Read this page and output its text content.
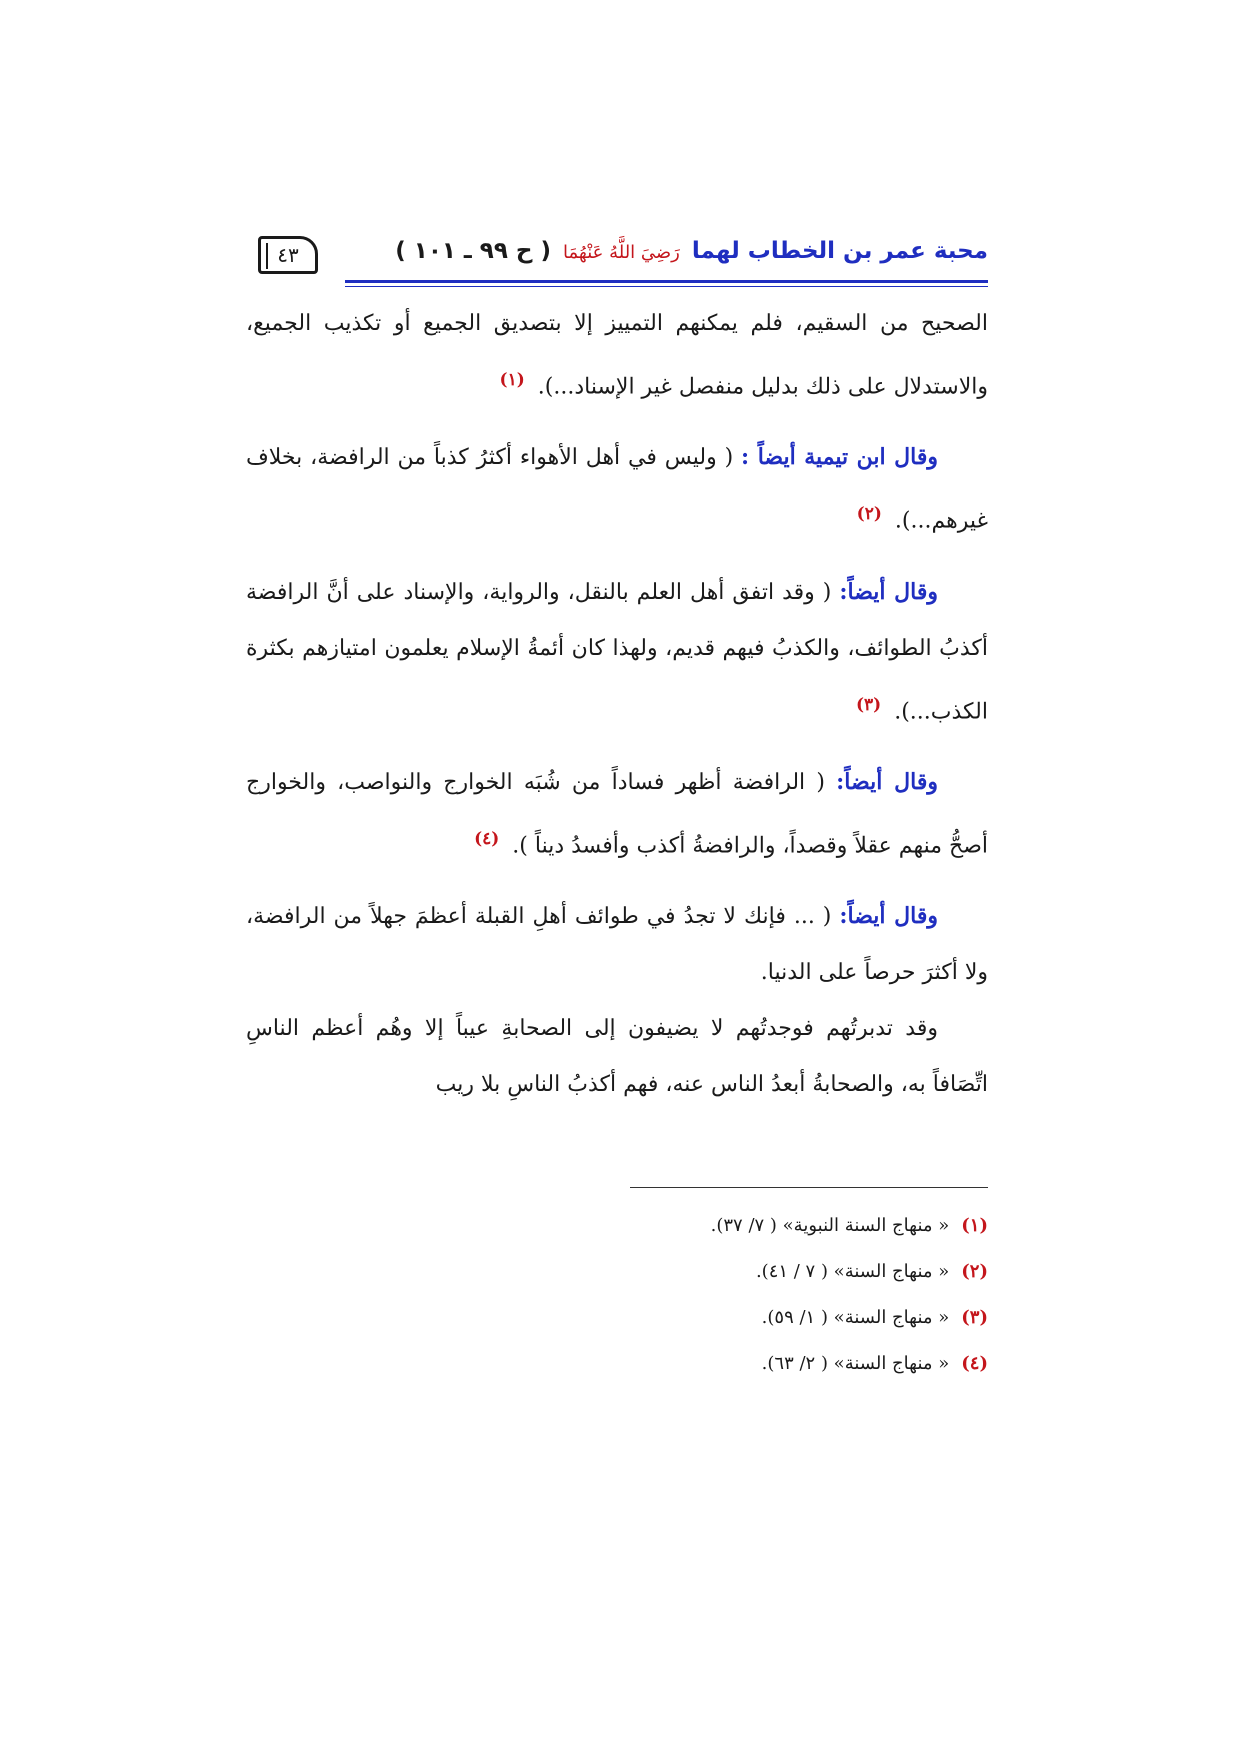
محبة عمر بن الخطاب لهما رَضِيَ اللَّهُ عَنْهُمَا ( ح ٩٩ ـ ١٠١ )
٤٣

الصحيح من السقيم، فلم يمكنهم التمييز إلا بتصديق الجميع أو تكذيب الجميع، والاستدلال على ذلك بدليل منفصل غير الإسناد...). $^{(١)}$

وقال ابن تيمية أيضاً : ( وليس في أهل الأهواء أكثرُ كذباً من الرافضة، بخلاف غيرهم...). $^{(٢)}$

وقال أيضاً: ( وقد اتفق أهل العلم بالنقل، والرواية، والإسناد على أنَّ الرافضة أكذبُ الطوائف، والكذبُ فيهم قديم، ولهذا كان أئمةُ الإسلام يعلمون امتيازهم بكثرة الكذب...). $^{(٣)}$

وقال أيضاً: ( الرافضة أظهر فساداً من شُبَه الخوارج والنواصب، والخوارج أصحُّ منهم عقلاً وقصداً، والرافضةُ أكذب وأفسدُ ديناً ). $^{(٤)}$

وقال أيضاً: ( ... فإنك لا تجدُ في طوائف أهلِ القبلة أعظمَ جهلاً من الرافضة، ولا أكثرَ حرصاً على الدنيا.

وقد تدبرتُهم فوجدتُهم لا يضيفون إلى الصحابةِ عيباً إلا وهُم أعظم الناسِ اتِّصَافاً به، والصحابةُ أبعدُ الناس عنه، فهم أكذبُ الناسِ بلا ريب

(١)« منهاج السنة النبوية» ( ٧/ ٣٧).
(٢)« منهاج السنة» ( ٧ / ٤١).
(٣)« منهاج السنة» ( ١/ ٥٩).
(٤)« منهاج السنة» ( ٢/ ٦٣).
